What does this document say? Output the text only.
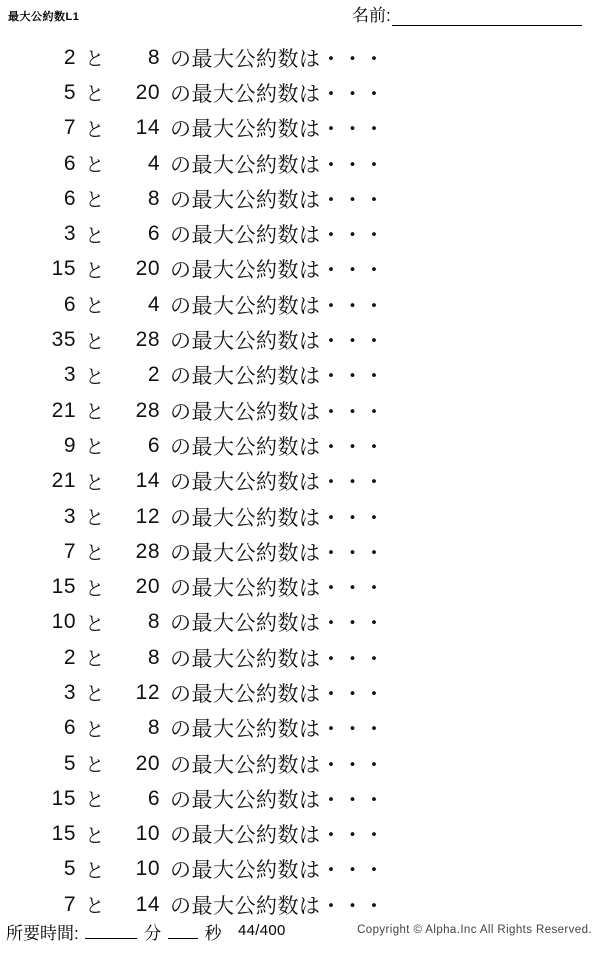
最大公約数L1	名前:
2 と	8 の最大公約数は・・・
5 と	20 の最大公約数は・・・
7 と	14 の最大公約数は・・・
6 と	4 の最大公約数は・・・
6 と	8 の最大公約数は・・・
3 と	6 の最大公約数は・・・
15 と	20 の最大公約数は・・・
6 と	4 の最大公約数は・・・
35 と	28 の最大公約数は・・・
3 と	2 の最大公約数は・・・
21 と	28 の最大公約数は・・・
9 と	6 の最大公約数は・・・
21 と	14 の最大公約数は・・・
3 と	12 の最大公約数は・・・
7 と	28 の最大公約数は・・・
15 と	20 の最大公約数は・・・
10 と	8 の最大公約数は・・・
2 と	8 の最大公約数は・・・
3 と	12 の最大公約数は・・・
6 と	8 の最大公約数は・・・
5 と	20 の最大公約数は・・・
15 と	6 の最大公約数は・・・
15 と	10 の最大公約数は・・・
5 と	10 の最大公約数は・・・
7 と	14 の最大公約数は・・・
所要時間:	分	秒 44/400	Copyright © Alpha.Inc All Rights Reserved.
